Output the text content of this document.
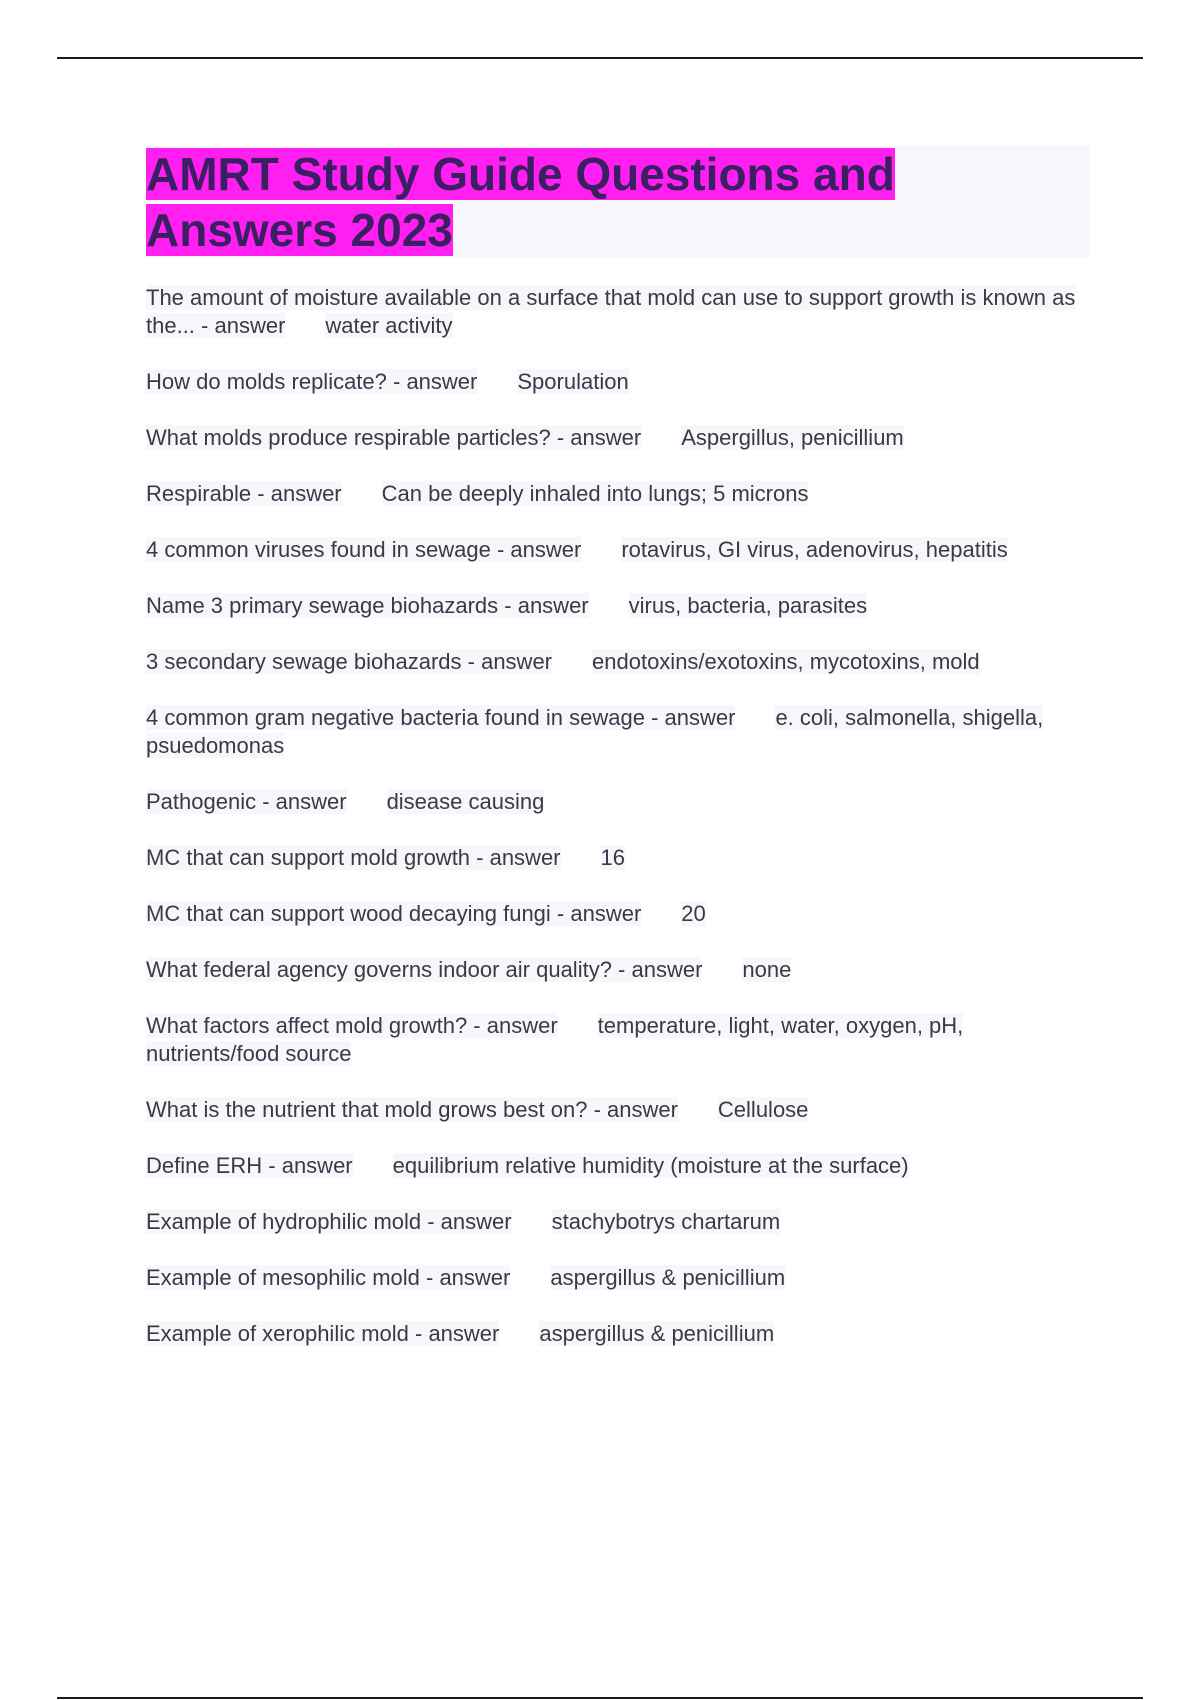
AMRT Study Guide Questions and Answers 2023
The amount of moisture available on a surface that mold can use to support growth is known as the... - answer water activity
How do molds replicate? - answer Sporulation
What molds produce respirable particles? - answer Aspergillus, penicillium
Respirable - answer Can be deeply inhaled into lungs; 5 microns
4 common viruses found in sewage - answer rotavirus, GI virus, adenovirus, hepatitis
Name 3 primary sewage biohazards - answer virus, bacteria, parasites
3 secondary sewage biohazards - answer endotoxins/exotoxins, mycotoxins, mold
4 common gram negative bacteria found in sewage - answer e. coli, salmonella, shigella, psuedomonas
Pathogenic - answer disease causing
MC that can support mold growth - answer 16
MC that can support wood decaying fungi - answer 20
What federal agency governs indoor air quality? - answer none
What factors affect mold growth? - answer temperature, light, water, oxygen, pH, nutrients/food source
What is the nutrient that mold grows best on? - answer Cellulose
Define ERH - answer equilibrium relative humidity (moisture at the surface)
Example of hydrophilic mold - answer stachybotrys chartarum
Example of mesophilic mold - answer aspergillus & penicillium
Example of xerophilic mold - answer aspergillus & penicillium
